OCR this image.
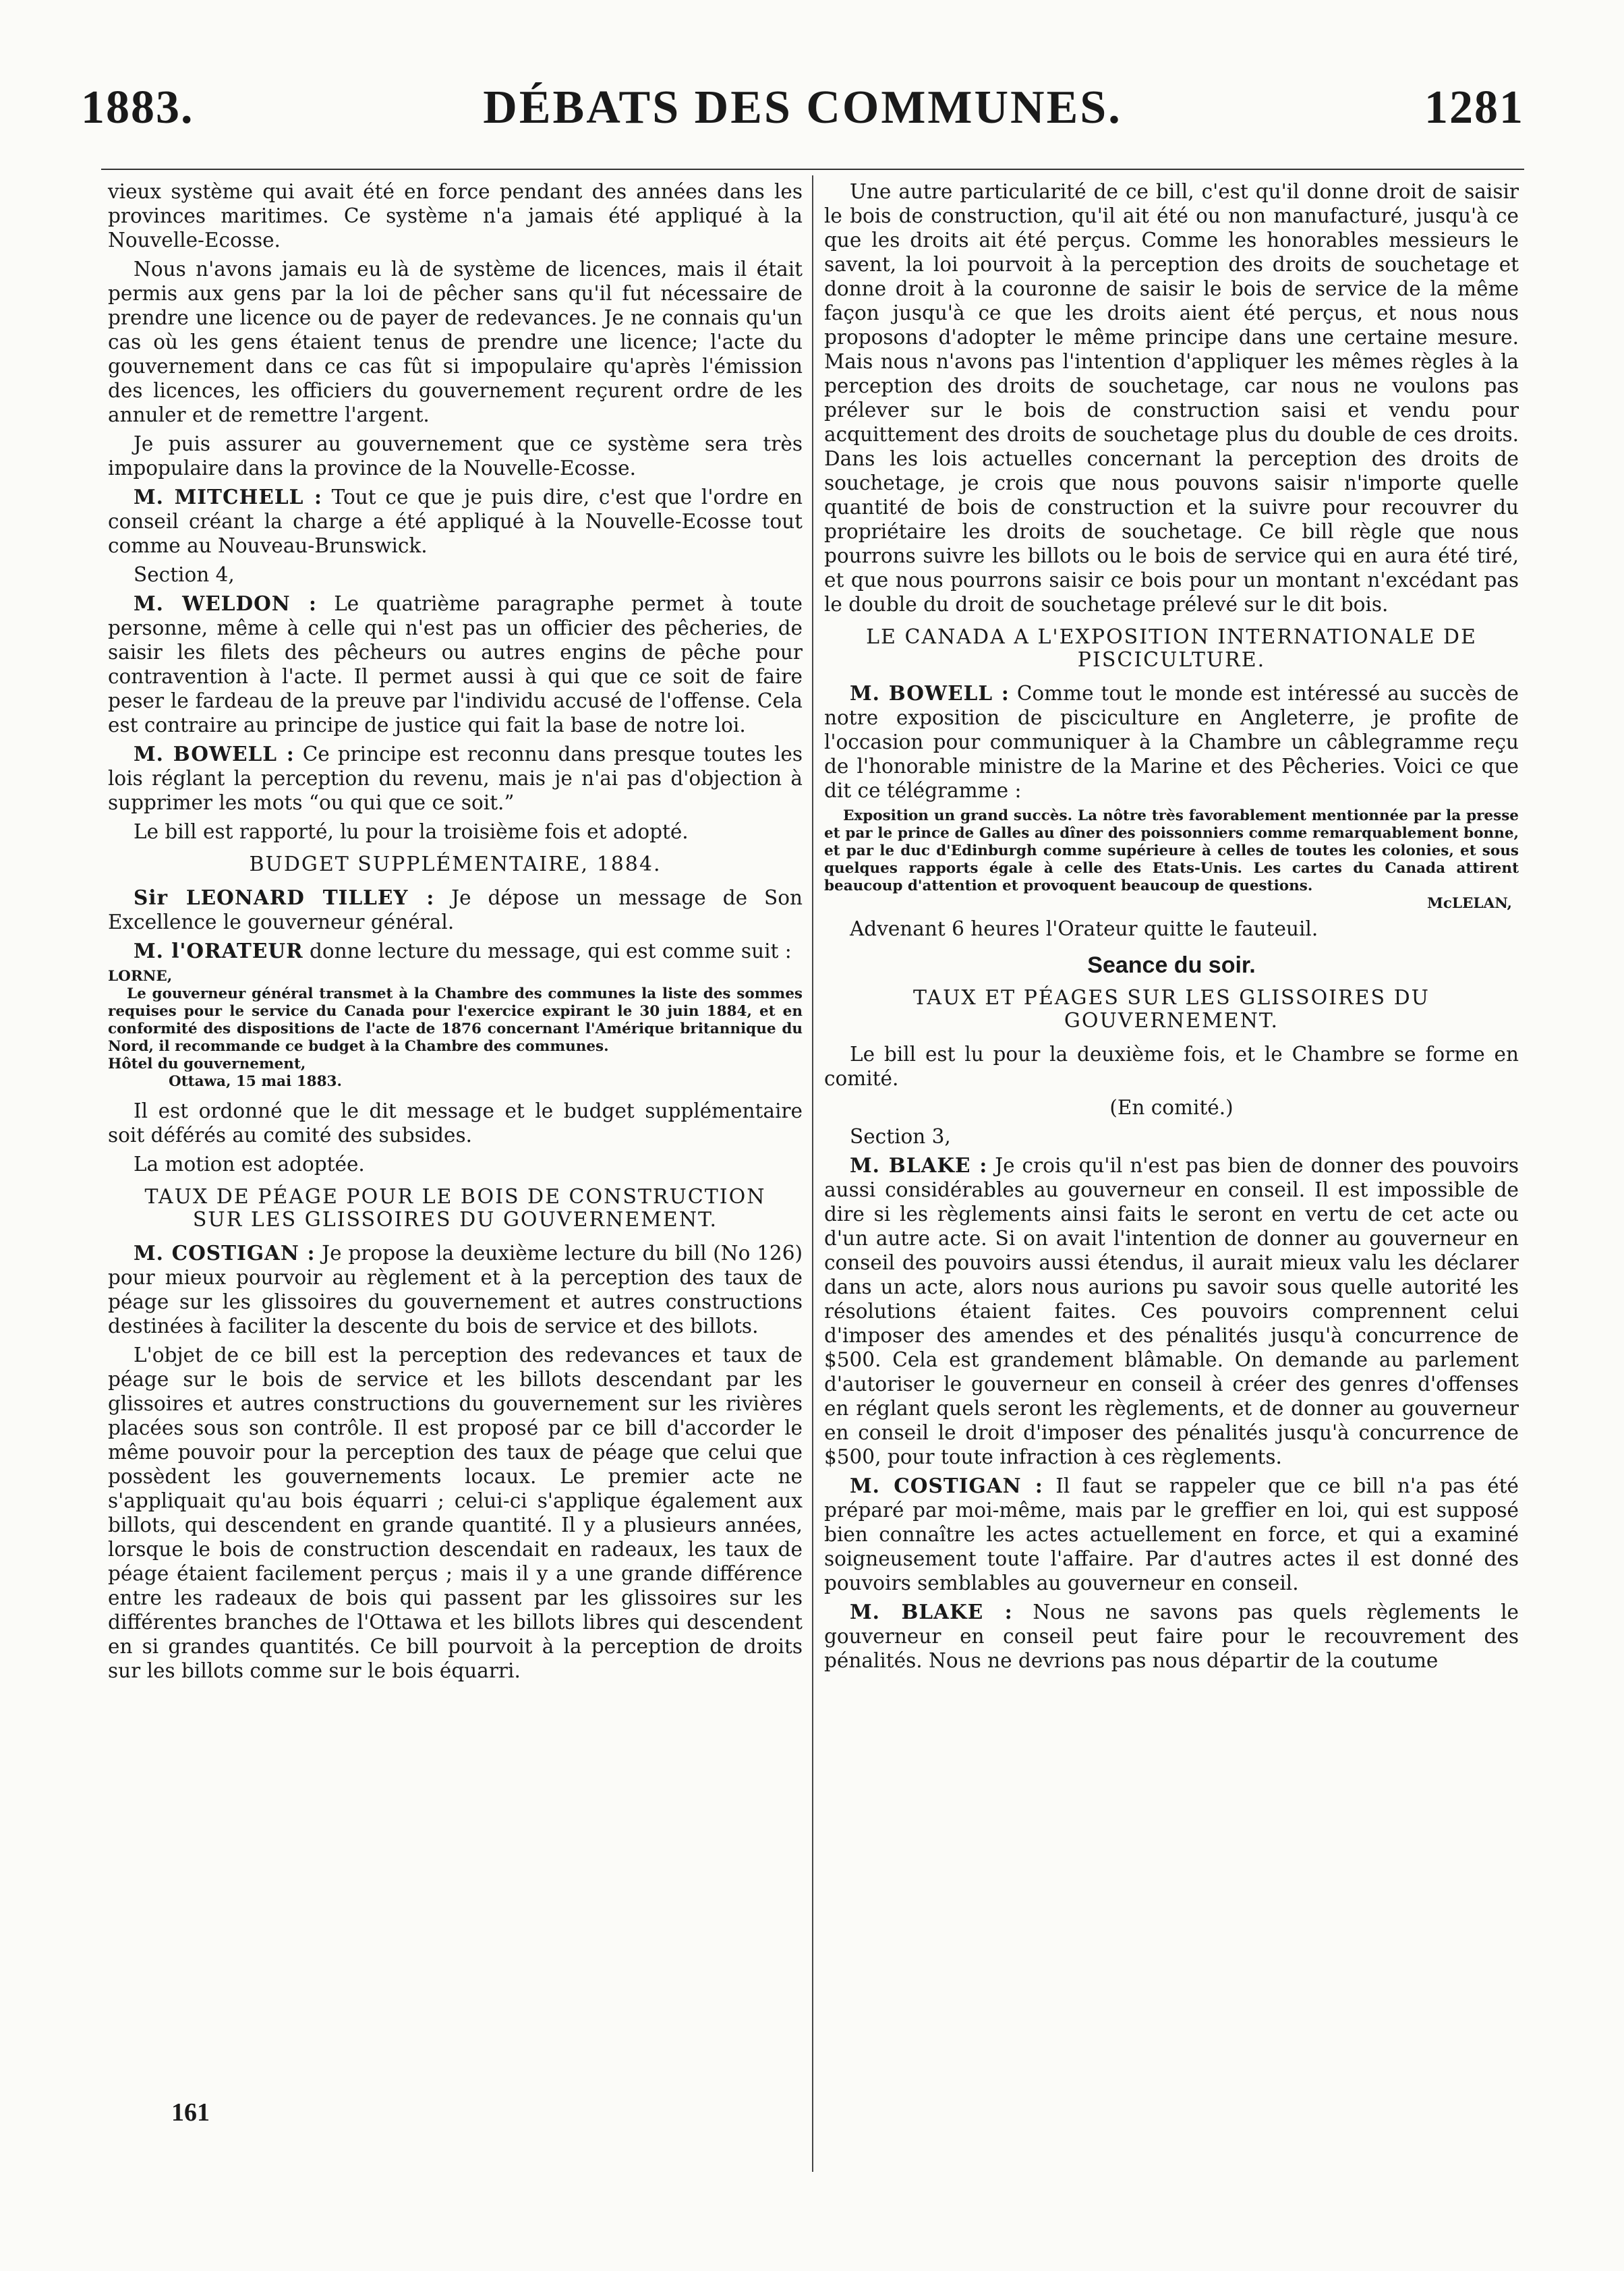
1883.	DÉBATS DES COMMUNES.	1281

vieux système qui avait été en force pendant des années dans les provinces maritimes. Ce système n'a jamais été appliqué à la Nouvelle-Ecosse.

Nous n'avons jamais eu là de système de licences, mais il était permis aux gens par la loi de pêcher sans qu'il fut nécessaire de prendre une licence ou de payer de redevances. Je ne connais qu'un cas où les gens étaient tenus de prendre une licence; l'acte du gouvernement dans ce cas fût si impopulaire qu'après l'émission des licences, les officiers du gouvernement reçurent ordre de les annuler et de remettre l'argent.

Je puis assurer au gouvernement que ce système sera très impopulaire dans la province de la Nouvelle-Ecosse.

M. MITCHELL : Tout ce que je puis dire, c'est que l'ordre en conseil créant la charge a été appliqué à la Nouvelle-Ecosse tout comme au Nouveau-Brunswick.

Section 4,

M. WELDON : Le quatrième paragraphe permet à toute personne, même à celle qui n'est pas un officier des pêcheries, de saisir les filets des pêcheurs ou autres engins de pêche pour contravention à l'acte. Il permet aussi à qui que ce soit de faire peser le fardeau de la preuve par l'individu accusé de l'offense. Cela est contraire au principe de justice qui fait la base de notre loi.

M. BOWELL : Ce principe est reconnu dans presque toutes les lois réglant la perception du revenu, mais je n'ai pas d'objection à supprimer les mots “ou qui que ce soit.”

Le bill est rapporté, lu pour la troisième fois et adopté.

BUDGET SUPPLÉMENTAIRE, 1884.

Sir LEONARD TILLEY : Je dépose un message de Son Excellence le gouverneur général.

M. l'ORATEUR donne lecture du message, qui est comme suit :

LORNE,

Le gouverneur général transmet à la Chambre des communes la liste des sommes requises pour le service du Canada pour l'exercice expirant le 30 juin 1884, et en conformité des dispositions de l'acte de 1876 concernant l'Amérique britannique du Nord, il recommande ce budget à la Chambre des communes.

Hôtel du gouvernement,
Ottawa, 15 mai 1883.

Il est ordonné que le dit message et le budget supplémentaire soit déférés au comité des subsides.

La motion est adoptée.

TAUX DE PÉAGE POUR LE BOIS DE CONSTRUCTION SUR LES GLISSOIRES DU GOUVERNEMENT.

M. COSTIGAN : Je propose la deuxième lecture du bill (No 126) pour mieux pourvoir au règlement et à la perception des taux de péage sur les glissoires du gouvernement et autres constructions destinées à faciliter la descente du bois de service et des billots.

L'objet de ce bill est la perception des redevances et taux de péage sur le bois de service et les billots descendant par les glissoires et autres constructions du gouvernement sur les rivières placées sous son contrôle. Il est proposé par ce bill d'accorder le même pouvoir pour la perception des taux de péage que celui que possèdent les gouvernements locaux. Le premier acte ne s'appliquait qu'au bois équarri ; celui-ci s'applique également aux billots, qui descendent en grande quantité. Il y a plusieurs années, lorsque le bois de construction descendait en radeaux, les taux de péage étaient facilement perçus ; mais il y a une grande différence entre les radeaux de bois qui passent par les glissoires sur les différentes branches de l'Ottawa et les billots libres qui descendent en si grandes quantités. Ce bill pourvoit à la perception de droits sur les billots comme sur le bois équarri.

161

Une autre particularité de ce bill, c'est qu'il donne droit de saisir le bois de construction, qu'il ait été ou non manufacturé, jusqu'à ce que les droits ait été perçus. Comme les honorables messieurs le savent, la loi pourvoit à la perception des droits de souchetage et donne droit à la couronne de saisir le bois de service de la même façon jusqu'à ce que les droits aient été perçus, et nous nous proposons d'adopter le même principe dans une certaine mesure. Mais nous n'avons pas l'intention d'appliquer les mêmes règles à la perception des droits de souchetage, car nous ne voulons pas prélever sur le bois de construction saisi et vendu pour acquittement des droits de souchetage plus du double de ces droits. Dans les lois actuelles concernant la perception des droits de souchetage, je crois que nous pouvons saisir n'importe quelle quantité de bois de construction et la suivre pour recouvrer du propriétaire les droits de souchetage. Ce bill règle que nous pourrons suivre les billots ou le bois de service qui en aura été tiré, et que nous pourrons saisir ce bois pour un montant n'excédant pas le double du droit de souchetage prélevé sur le dit bois.

LE CANADA A L'EXPOSITION INTERNATIONALE DE PISCICULTURE.

M. BOWELL : Comme tout le monde est intéressé au succès de notre exposition de pisciculture en Angleterre, je profite de l'occasion pour communiquer à la Chambre un câblegramme reçu de l'honorable ministre de la Marine et des Pêcheries. Voici ce que dit ce télégramme :

Exposition un grand succès. La nôtre très favorablement mentionnée par la presse et par le prince de Galles au dîner des poissonniers comme remarquablement bonne, et par le duc d'Edinburgh comme supérieure à celles de toutes les colonies, et sous quelques rapports égale à celle des Etats-Unis. Les cartes du Canada attirent beaucoup d'attention et provoquent beaucoup de questions.

McLELAN,

Advenant 6 heures l'Orateur quitte le fauteuil.

Seance du soir.
TAUX ET PÉAGES SUR LES GLISSOIRES DU GOUVERNEMENT.

Le bill est lu pour la deuxième fois, et le Chambre se forme en comité.

(En comité.)

Section 3,

M. BLAKE : Je crois qu'il n'est pas bien de donner des pouvoirs aussi considérables au gouverneur en conseil. Il est impossible de dire si les règlements ainsi faits le seront en vertu de cet acte ou d'un autre acte. Si on avait l'intention de donner au gouverneur en conseil des pouvoirs aussi étendus, il aurait mieux valu les déclarer dans un acte, alors nous aurions pu savoir sous quelle autorité les résolutions étaient faites. Ces pouvoirs comprennent celui d'imposer des amendes et des pénalités jusqu'à concurrence de $500. Cela est grandement blâmable. On demande au parlement d'autoriser le gouverneur en conseil à créer des genres d'offenses en réglant quels seront les règlements, et de donner au gouverneur en conseil le droit d'imposer des pénalités jusqu'à concurrence de $500, pour toute infraction à ces règlements.

M. COSTIGAN : Il faut se rappeler que ce bill n'a pas été préparé par moi-même, mais par le greffier en loi, qui est supposé bien connaître les actes actuellement en force, et qui a examiné soigneusement toute l'affaire. Par d'autres actes il est donné des pouvoirs semblables au gouverneur en conseil.

M. BLAKE : Nous ne savons pas quels règlements le gouverneur en conseil peut faire pour le recouvrement des pénalités. Nous ne devrions pas nous départir de la coutume
